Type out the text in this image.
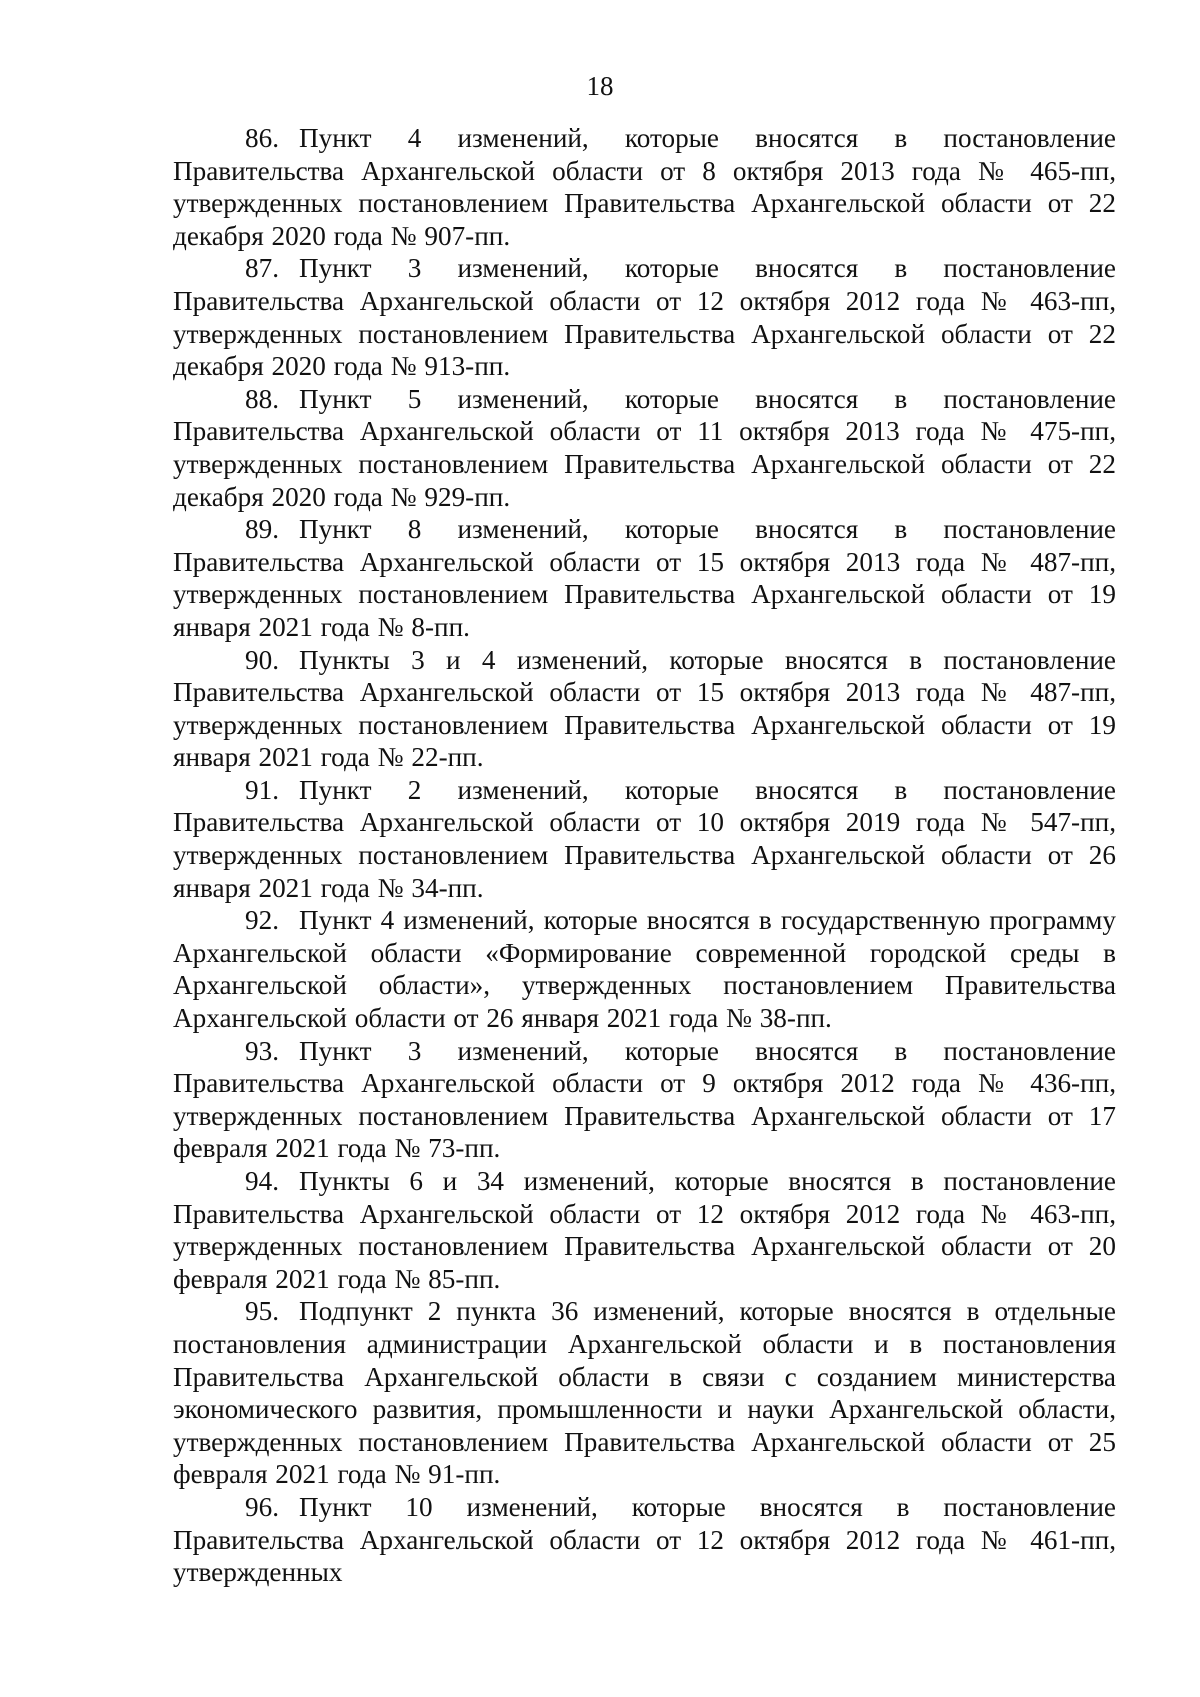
18

86. Пункт 4 изменений, которые вносятся в постановление Правительства Архангельской области от 8 октября 2013 года № 465-пп, утвержденных постановлением Правительства Архангельской области от 22 декабря 2020 года № 907-пп.

87. Пункт 3 изменений, которые вносятся в постановление Правительства Архангельской области от 12 октября 2012 года № 463-пп, утвержденных постановлением Правительства Архангельской области от 22 декабря 2020 года № 913-пп.

88. Пункт 5 изменений, которые вносятся в постановление Правительства Архангельской области от 11 октября 2013 года № 475-пп, утвержденных постановлением Правительства Архангельской области от 22 декабря 2020 года № 929-пп.

89. Пункт 8 изменений, которые вносятся в постановление Правительства Архангельской области от 15 октября 2013 года № 487-пп, утвержденных постановлением Правительства Архангельской области от 19 января 2021 года № 8-пп.

90. Пункты 3 и 4 изменений, которые вносятся в постановление Правительства Архангельской области от 15 октября 2013 года № 487-пп, утвержденных постановлением Правительства Архангельской области от 19 января 2021 года № 22-пп.

91. Пункт 2 изменений, которые вносятся в постановление Правительства Архангельской области от 10 октября 2019 года № 547-пп, утвержденных постановлением Правительства Архангельской области от 26 января 2021 года № 34-пп.

92. Пункт 4 изменений, которые вносятся в государственную программу Архангельской области «Формирование современной городской среды в Архангельской области», утвержденных постановлением Правительства Архангельской области от 26 января 2021 года № 38-пп.

93. Пункт 3 изменений, которые вносятся в постановление Правительства Архангельской области от 9 октября 2012 года № 436-пп, утвержденных постановлением Правительства Архангельской области от 17 февраля 2021 года № 73-пп.

94. Пункты 6 и 34 изменений, которые вносятся в постановление Правительства Архангельской области от 12 октября 2012 года № 463-пп, утвержденных постановлением Правительства Архангельской области от 20 февраля 2021 года № 85-пп.

95. Подпункт 2 пункта 36 изменений, которые вносятся в отдельные постановления администрации Архангельской области и в постановления Правительства Архангельской области в связи с созданием министерства экономического развития, промышленности и науки Архангельской области, утвержденных постановлением Правительства Архангельской области от 25 февраля 2021 года № 91-пп.

96. Пункт 10 изменений, которые вносятся в постановление Правительства Архангельской области от 12 октября 2012 года № 461-пп, утвержденных
